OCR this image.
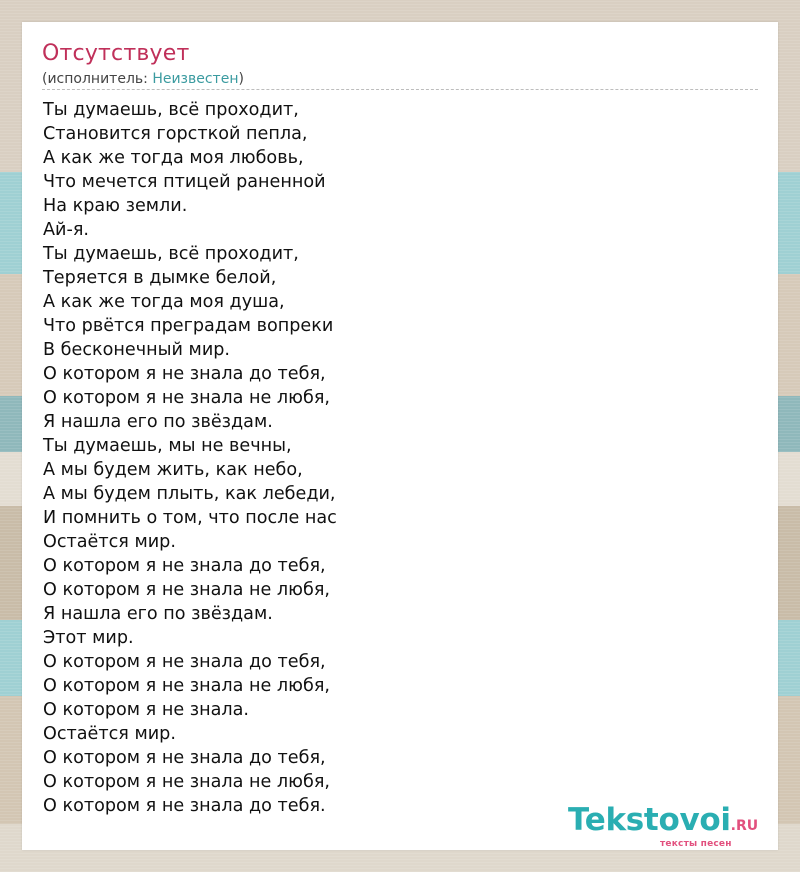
Отсутствует
(исполнитель: Неизвестен)
Ты думаешь, всё проходит,
Становится горсткой пепла,
А как же тогда моя любовь,
Что мечется птицей раненной
На краю земли.
Ай-я.
Ты думаешь, всё проходит,
Теряется в дымке белой,
А как же тогда моя душа,
Что рвётся преградам вопреки
В бесконечный мир.
О котором я не знала до тебя,
О котором я не знала не любя,
Я нашла его по звёздам.
Ты думаешь, мы не вечны,
А мы будем жить, как небо,
А мы будем плыть, как лебеди,
И помнить о том, что после нас
Остаётся мир.
О котором я не знала до тебя,
О котором я не знала не любя,
Я нашла его по звёздам.
Этот мир.
О котором я не знала до тебя,
О котором я не знала не любя,
О котором я не знала.
Остаётся мир.
О котором я не знала до тебя,
О котором я не знала не любя,
О котором я не знала до тебя.	Tekstovoi.RU
тексты песен
